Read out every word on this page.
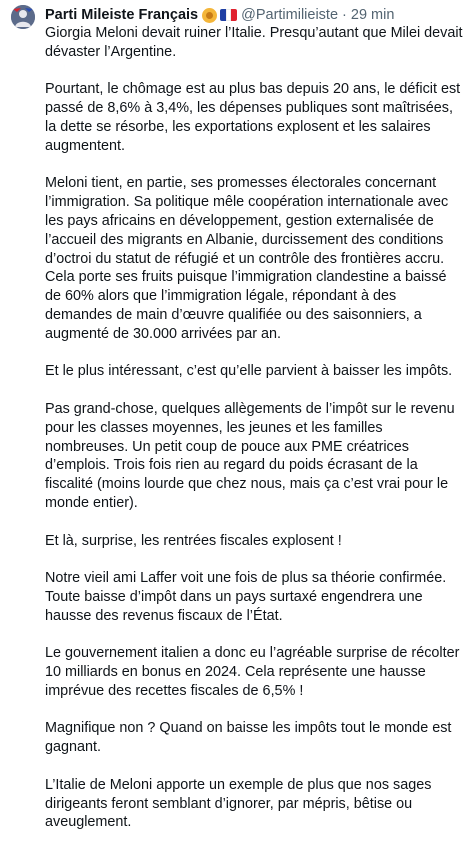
Parti Mileiste Français	@Partimilieiste · 29 min

Giorgia Meloni devait ruiner l’Italie. Presqu’autant que Milei devait dévaster l’Argentine.

Pourtant, le chômage est au plus bas depuis 20 ans, le déficit est passé de 8,6% à 3,4%, les dépenses publiques sont maîtrisées, la dette se résorbe, les exportations explosent et les salaires augmentent.

Meloni tient, en partie, ses promesses électorales concernant l’immigration. Sa politique mêle coopération internationale avec les pays africains en développement, gestion externalisée de l’accueil des migrants en Albanie, durcissement des conditions d’octroi du statut de réfugié et un contrôle des frontières accru. Cela porte ses fruits puisque l’immigration clandestine a baissé de 60% alors que l’immigration légale, répondant à des demandes de main d’œuvre qualifiée ou des saisonniers, a augmenté de 30.000 arrivées par an.

Et le plus intéressant, c’est qu’elle parvient à baisser les impôts.

Pas grand-chose, quelques allègements de l’impôt sur le revenu pour les classes moyennes, les jeunes et les familles nombreuses. Un petit coup de pouce aux PME créatrices d’emplois. Trois fois rien au regard du poids écrasant de la fiscalité (moins lourde que chez nous, mais ça c’est vrai pour le monde entier).

Et là, surprise, les rentrées fiscales explosent !

Notre vieil ami Laffer voit une fois de plus sa théorie confirmée. Toute baisse d’impôt dans un pays surtaxé engendrera une hausse des revenus fiscaux de l’État.

Le gouvernement italien a donc eu l’agréable surprise de récolter 10 milliards en bonus en 2024. Cela représente une hausse imprévue des recettes fiscales de 6,5% !

Magnifique non ? Quand on baisse les impôts tout le monde est gagnant.

L’Italie de Meloni apporte un exemple de plus que nos sages dirigeants feront semblant d’ignorer, par mépris, bêtise ou aveuglement.
